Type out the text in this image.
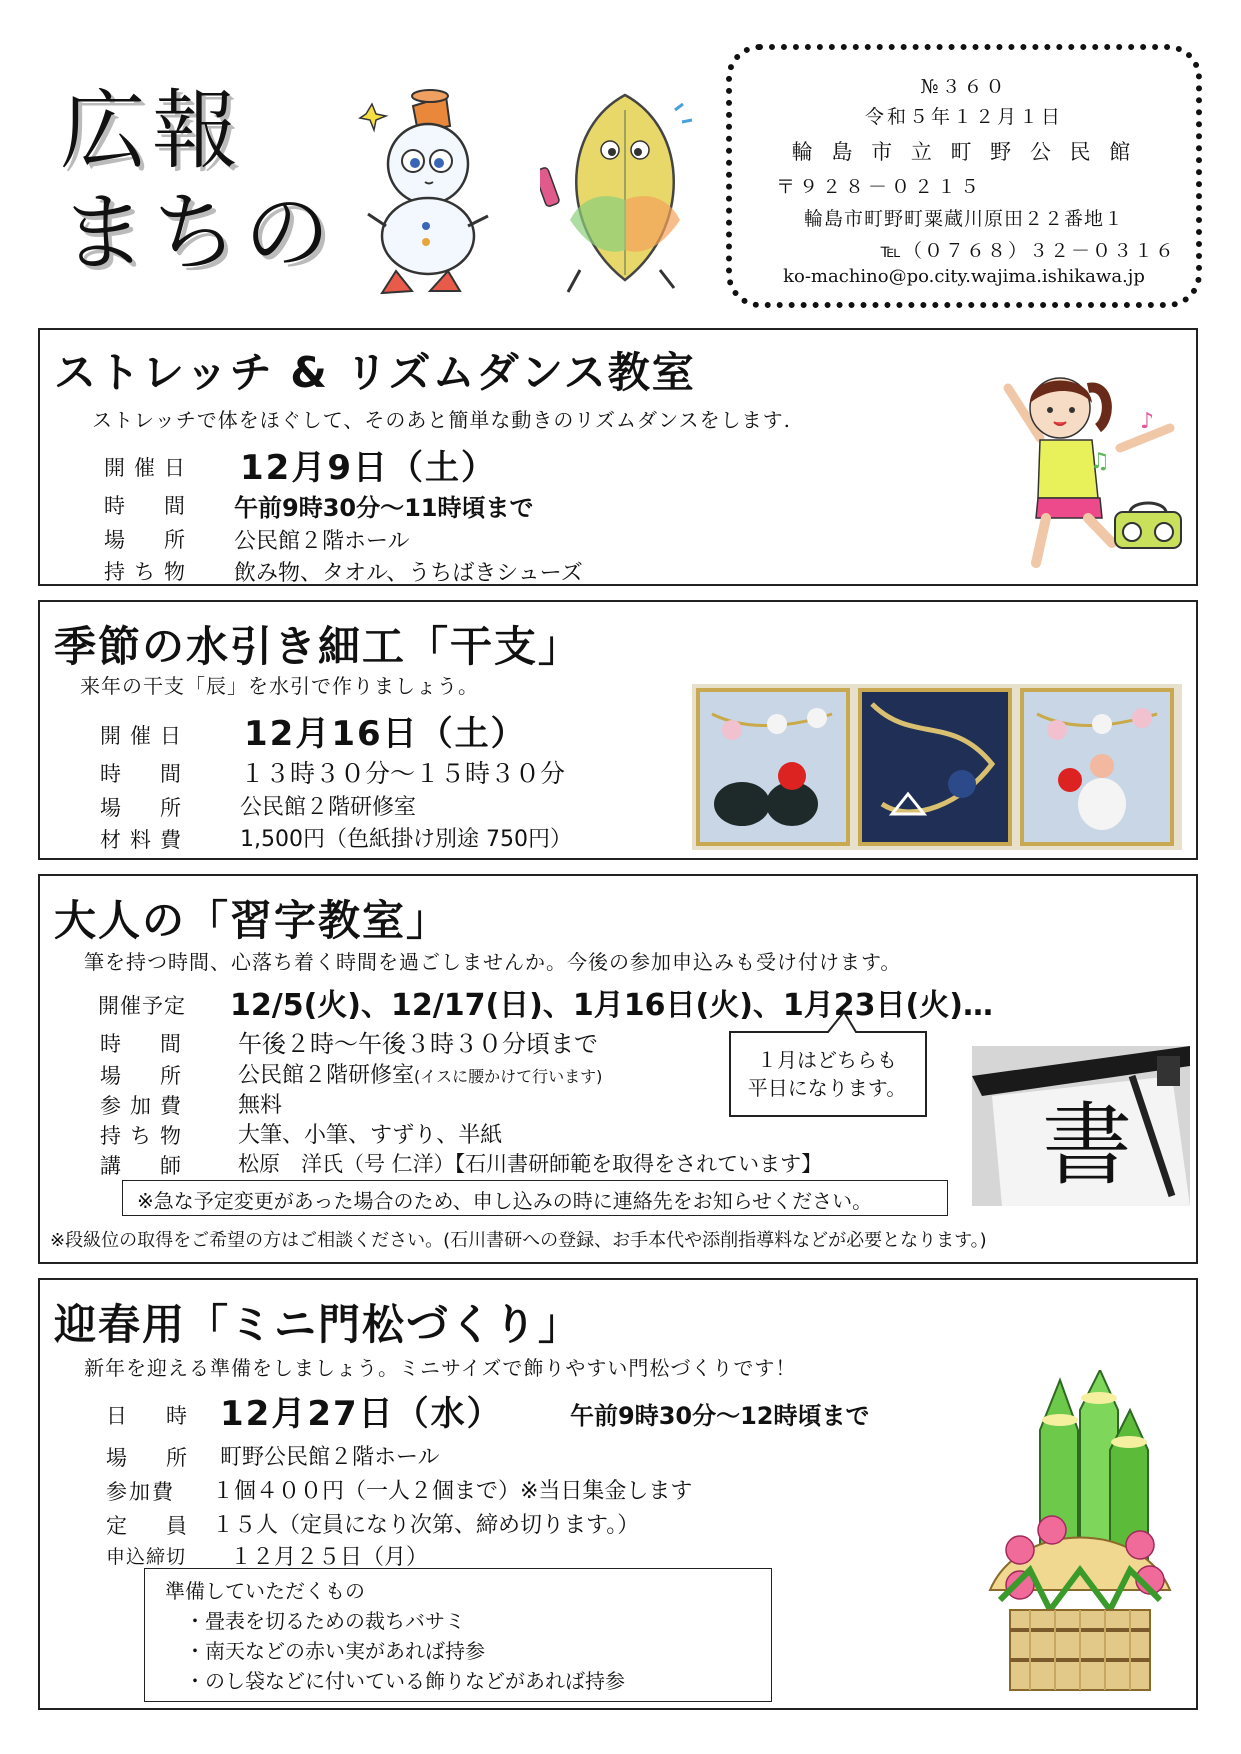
広報
まちの
№３６０
令和５年１２月１日
輪 島 市 立 町 野 公 民 館
〒９２８－０２１５
輪島市町野町粟蔵川原田２２番地１
℡（０７６８）３２－０３１６
ko-machino@po.city.wajima.ishikawa.jp
ストレッチ & リズムダンス教室
ストレッチで体をほぐして、そのあと簡単な動きのリズムダンスをします.
開催日 12月9日（土）
時　間 午前9時30分～11時頃まで
場　所 公民館２階ホール
持ち物 飲み物、タオル、うちばきシューズ
♪
♫
季節の水引き細工「干支」
来年の干支「辰」を水引で作りましょう。
開催日 12月16日（土）
時　間 １３時３０分～１５時３０分
場　所 公民館２階研修室
材料費 1,500円（色紙掛け別途 750円）
大人の「習字教室」
筆を持つ時間、心落ち着く時間を過ごしませんか。今後の参加申込みも受け付けます。
開催予定 12/5(火)、12/17(日)、1月16日(火)、1月23日(火)…
時　間 午後２時～午後３時３０分頃まで
場　所 公民館２階研修室(イスに腰かけて行います)
参加費 無料
持ち物 大筆、小筆、すずり、半紙
講　師 松原　洋氏（号 仁洋）【石川書研師範を取得をされています】
１月はどちらも
平日になります。
書
※急な予定変更があった場合のため、申し込みの時に連絡先をお知らせください。
※段級位の取得をご希望の方はご相談ください。(石川書研への登録、お手本代や添削指導料などが必要となります。)
迎春用「ミニ門松づくり」
新年を迎える準備をしましょう。ミニサイズで飾りやすい門松づくりです！
日　時 12月27日（水）	午前9時30分～12時頃まで
場　所 町野公民館２階ホール
参加費 １個４００円（一人２個まで）※当日集金します
定　員 １５人（定員になり次第、締め切ります。）
申込締切 １２月２５日（月）
準備していただくもの
・畳表を切るための裁ちバサミ
・南天などの赤い実があれば持参
・のし袋などに付いている飾りなどがあれば持参
